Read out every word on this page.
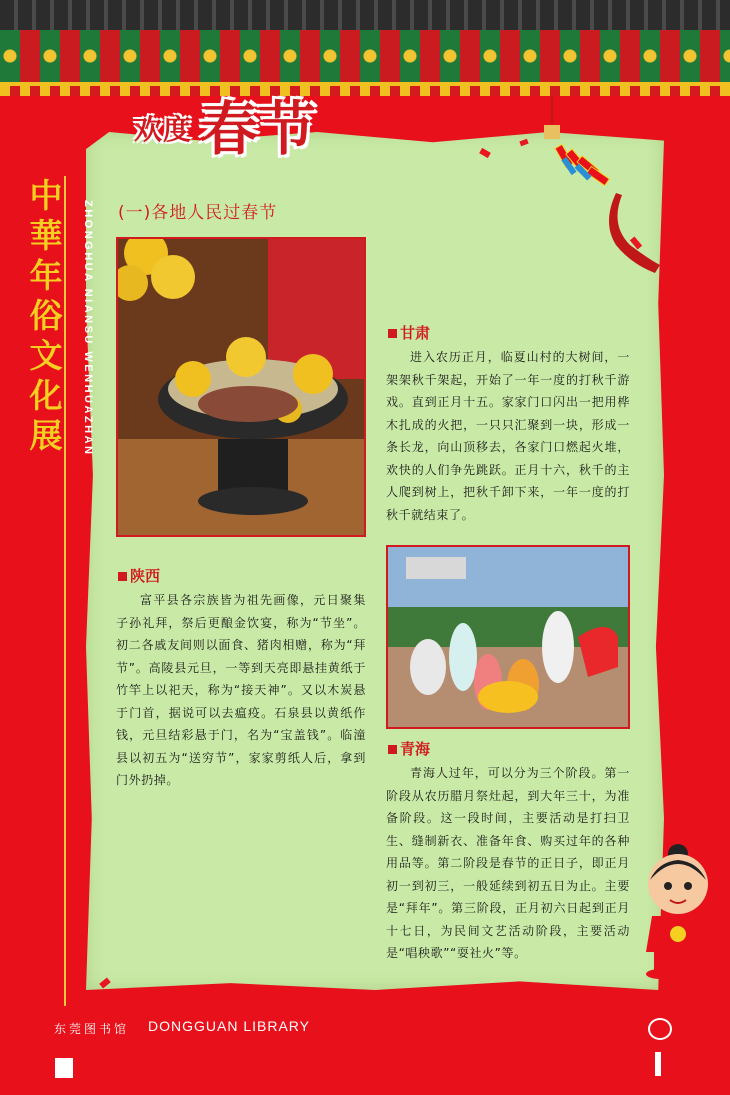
欢度 春节
中
華
年
俗
文
化
展	ZHONGHUA NIANSU WENHUAZHAN (一)各地人民过春节
甘肃

进入农历正月，临夏山村的大树间，一架架秋千架起，开始了一年一度的打秋千游戏。直到正月十五。家家门口闪出一把用桦木扎成的火把，一只只汇聚到一块，形成一条长龙，向山顶移去，各家门口燃起火堆，欢快的人们争先跳跃。正月十六，秋千的主人爬到树上，把秋千卸下来，一年一度的打秋千就结束了。

陕西

富平县各宗族皆为祖先画像，元日聚集子孙礼拜，祭后更酿金饮宴，称为“节坐”。初二各戚友间则以面食、猪肉相赠，称为“拜节”。高陵县元旦，一等到天亮即悬挂黄纸于竹竿上以祀天，称为“接天神”。又以木炭悬于门首，据说可以去瘟疫。石泉县以黄纸作钱，元旦结彩悬于门，名为“宝盖钱”。临潼县以初五为“送穷节”，家家剪纸人后，拿到门外扔掉。

青海

青海人过年，可以分为三个阶段。第一阶段从农历腊月祭灶起，到大年三十，为准备阶段。这一段时间，主要活动是打扫卫生、缝制新衣、准备年食、购买过年的各种用品等。第二阶段是春节的正日子，即正月初一到初三，一般延续到初五日为止。主要是“拜年”。第三阶段，正月初六日起到正月十七日，为民间文艺活动阶段，主要活动是“唱秧歌”“耍社火”等。

东莞图书馆 DONGGUAN LIBRARY
